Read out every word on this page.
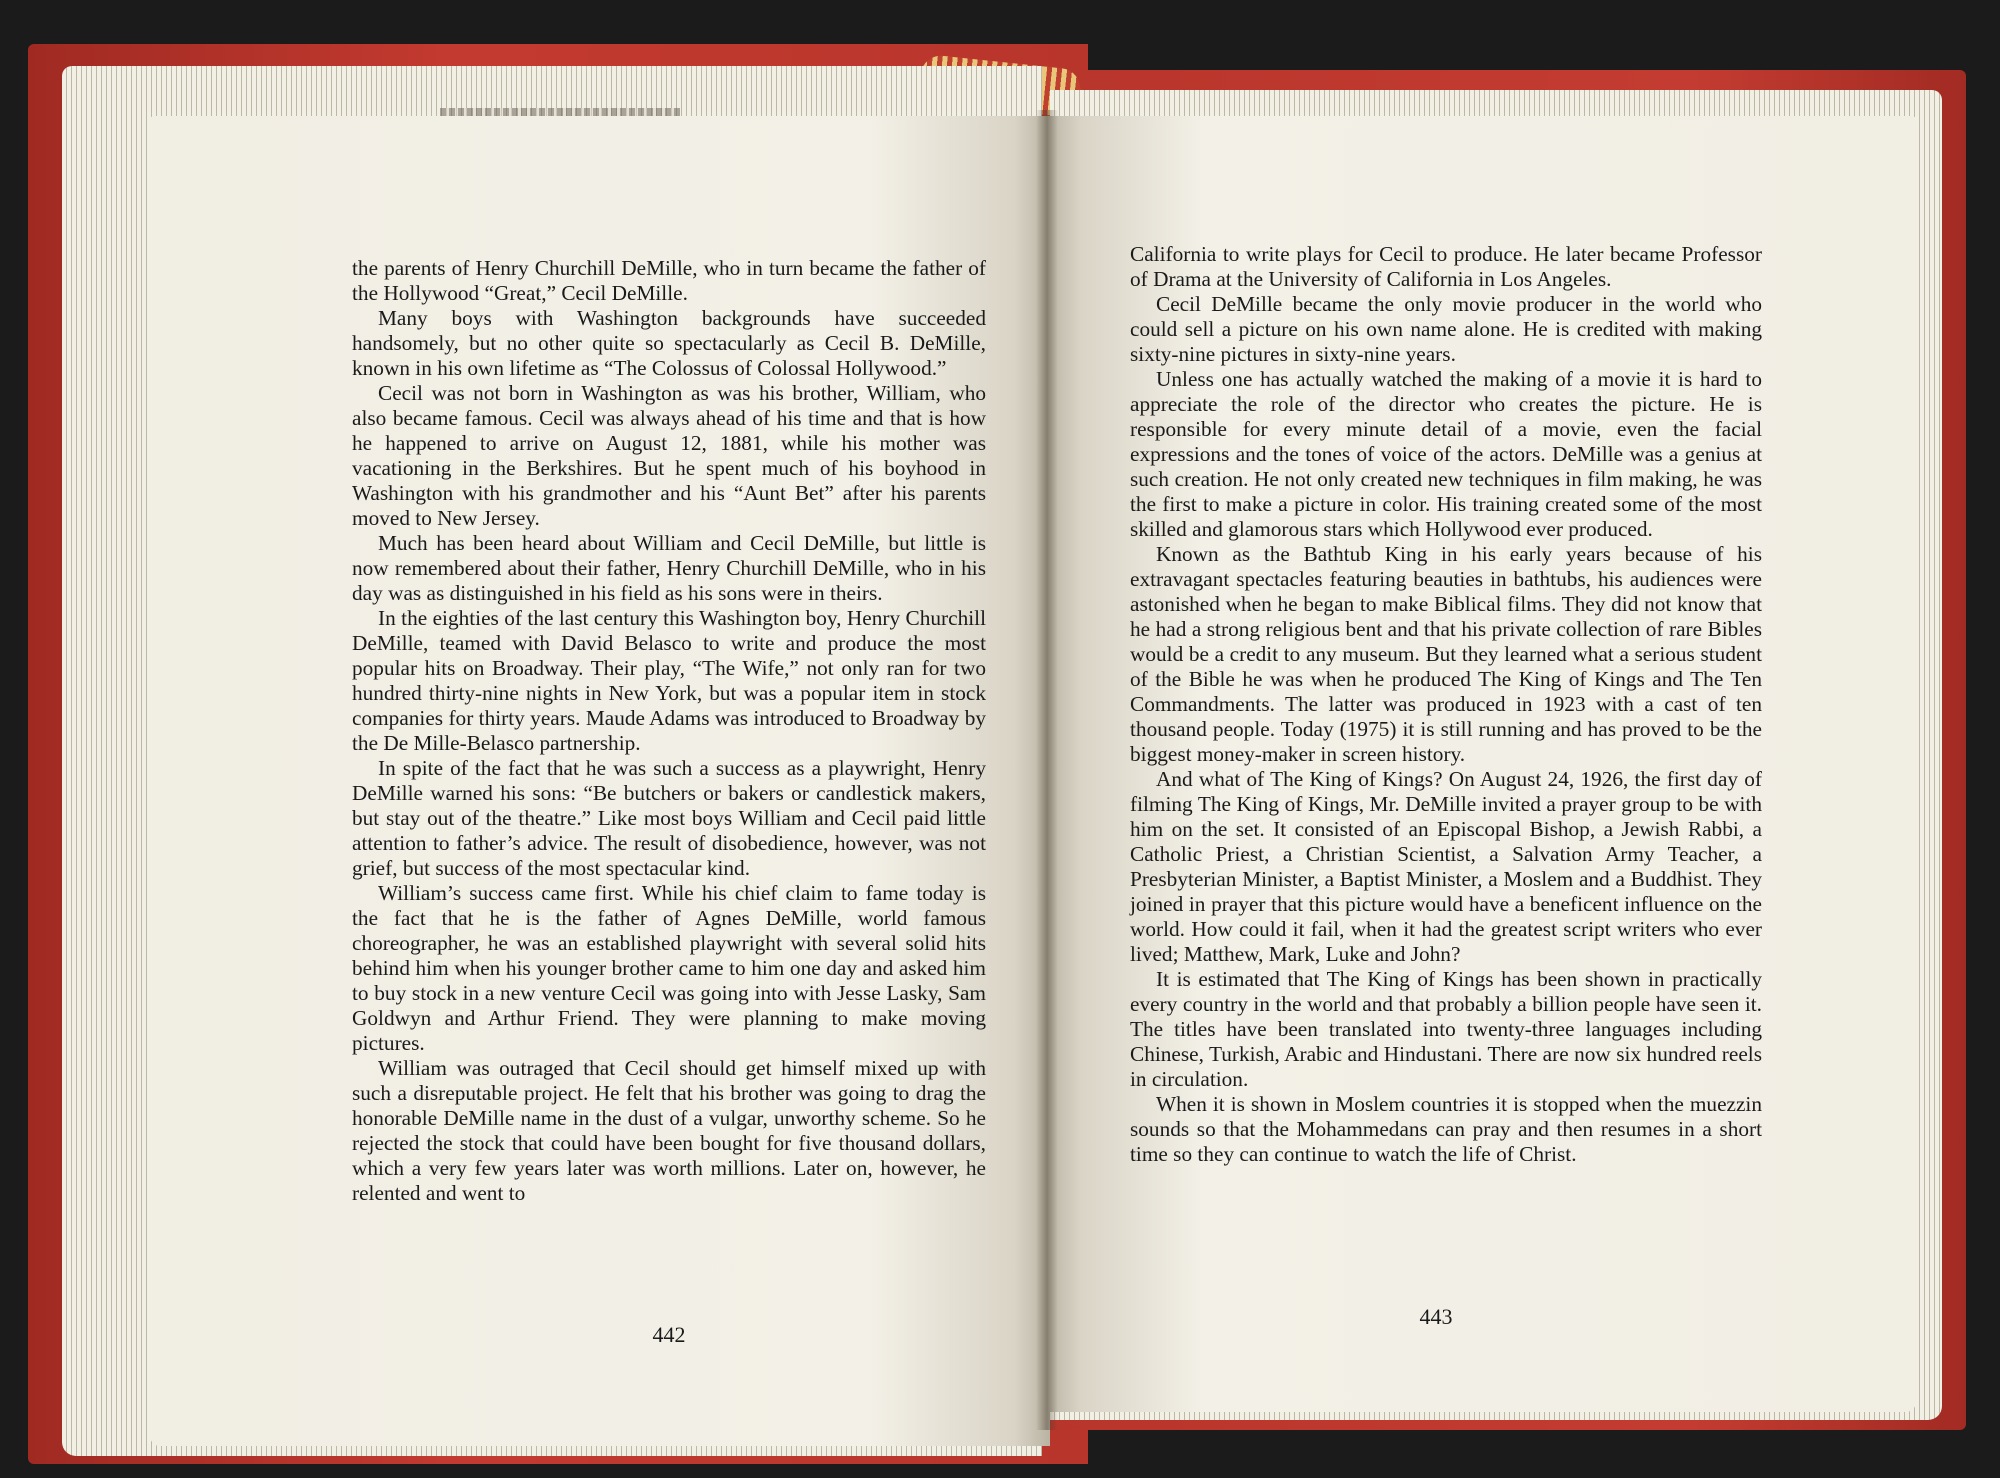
the parents of Henry Churchill DeMille, who in turn became the father of the Hollywood “Great,” Cecil DeMille.

Many boys with Washington backgrounds have succeeded handsomely, but no other quite so spectacularly as Cecil B. DeMille, known in his own lifetime as “The Colossus of Colossal Hollywood.”

Cecil was not born in Washington as was his brother, William, who also became famous. Cecil was always ahead of his time and that is how he happened to arrive on August 12, 1881, while his mother was vacationing in the Berkshires. But he spent much of his boyhood in Washington with his grandmother and his “Aunt Bet” after his parents moved to New Jersey.

Much has been heard about William and Cecil DeMille, but little is now remembered about their father, Henry Churchill DeMille, who in his day was as distinguished in his field as his sons were in theirs.

In the eighties of the last century this Washington boy, Henry Churchill DeMille, teamed with David Belasco to write and produce the most popular hits on Broadway. Their play, “The Wife,” not only ran for two hundred thirty-nine nights in New York, but was a popular item in stock companies for thirty years. Maude Adams was introduced to Broadway by the De Mille-Belasco partnership.

In spite of the fact that he was such a success as a playwright, Henry DeMille warned his sons: “Be butchers or bakers or candlestick makers, but stay out of the theatre.” Like most boys William and Cecil paid little attention to father’s advice. The result of disobedience, however, was not grief, but success of the most spectacular kind.

William’s success came first. While his chief claim to fame today is the fact that he is the father of Agnes DeMille, world famous choreographer, he was an established playwright with several solid hits behind him when his younger brother came to him one day and asked him to buy stock in a new venture Cecil was going into with Jesse Lasky, Sam Goldwyn and Arthur Friend. They were planning to make moving pictures.

William was outraged that Cecil should get himself mixed up with such a disreputable project. He felt that his brother was going to drag the honorable DeMille name in the dust of a vulgar, unworthy scheme. So he rejected the stock that could have been bought for five thousand dollars, which a very few years later was worth millions. Later on, however, he relented and went to

442

California to write plays for Cecil to produce. He later became Professor of Drama at the University of California in Los Angeles.

Cecil DeMille became the only movie producer in the world who could sell a picture on his own name alone. He is credited with making sixty-nine pictures in sixty-nine years.

Unless one has actually watched the making of a movie it is hard to appreciate the role of the director who creates the picture. He is responsible for every minute detail of a movie, even the facial expressions and the tones of voice of the actors. DeMille was a genius at such creation. He not only created new techniques in film making, he was the first to make a picture in color. His training created some of the most skilled and glamorous stars which Hollywood ever produced.

Known as the Bathtub King in his early years because of his extravagant spectacles featuring beauties in bathtubs, his audiences were astonished when he began to make Biblical films. They did not know that he had a strong religious bent and that his private collection of rare Bibles would be a credit to any museum. But they learned what a serious student of the Bible he was when he produced The King of Kings and The Ten Commandments. The latter was produced in 1923 with a cast of ten thousand people. Today (1975) it is still running and has proved to be the biggest money-maker in screen history.

And what of The King of Kings? On August 24, 1926, the first day of filming The King of Kings, Mr. DeMille invited a prayer group to be with him on the set. It consisted of an Episcopal Bishop, a Jewish Rabbi, a Catholic Priest, a Christian Scientist, a Salvation Army Teacher, a Presbyterian Minister, a Baptist Minister, a Moslem and a Buddhist. They joined in prayer that this picture would have a beneficent influence on the world. How could it fail, when it had the greatest script writers who ever lived; Matthew, Mark, Luke and John?

It is estimated that The King of Kings has been shown in practically every country in the world and that probably a billion people have seen it. The titles have been translated into twenty-three languages including Chinese, Turkish, Arabic and Hindustani. There are now six hundred reels in circulation.

When it is shown in Moslem countries it is stopped when the muezzin sounds so that the Mohammedans can pray and then resumes in a short time so they can continue to watch the life of Christ.

443
